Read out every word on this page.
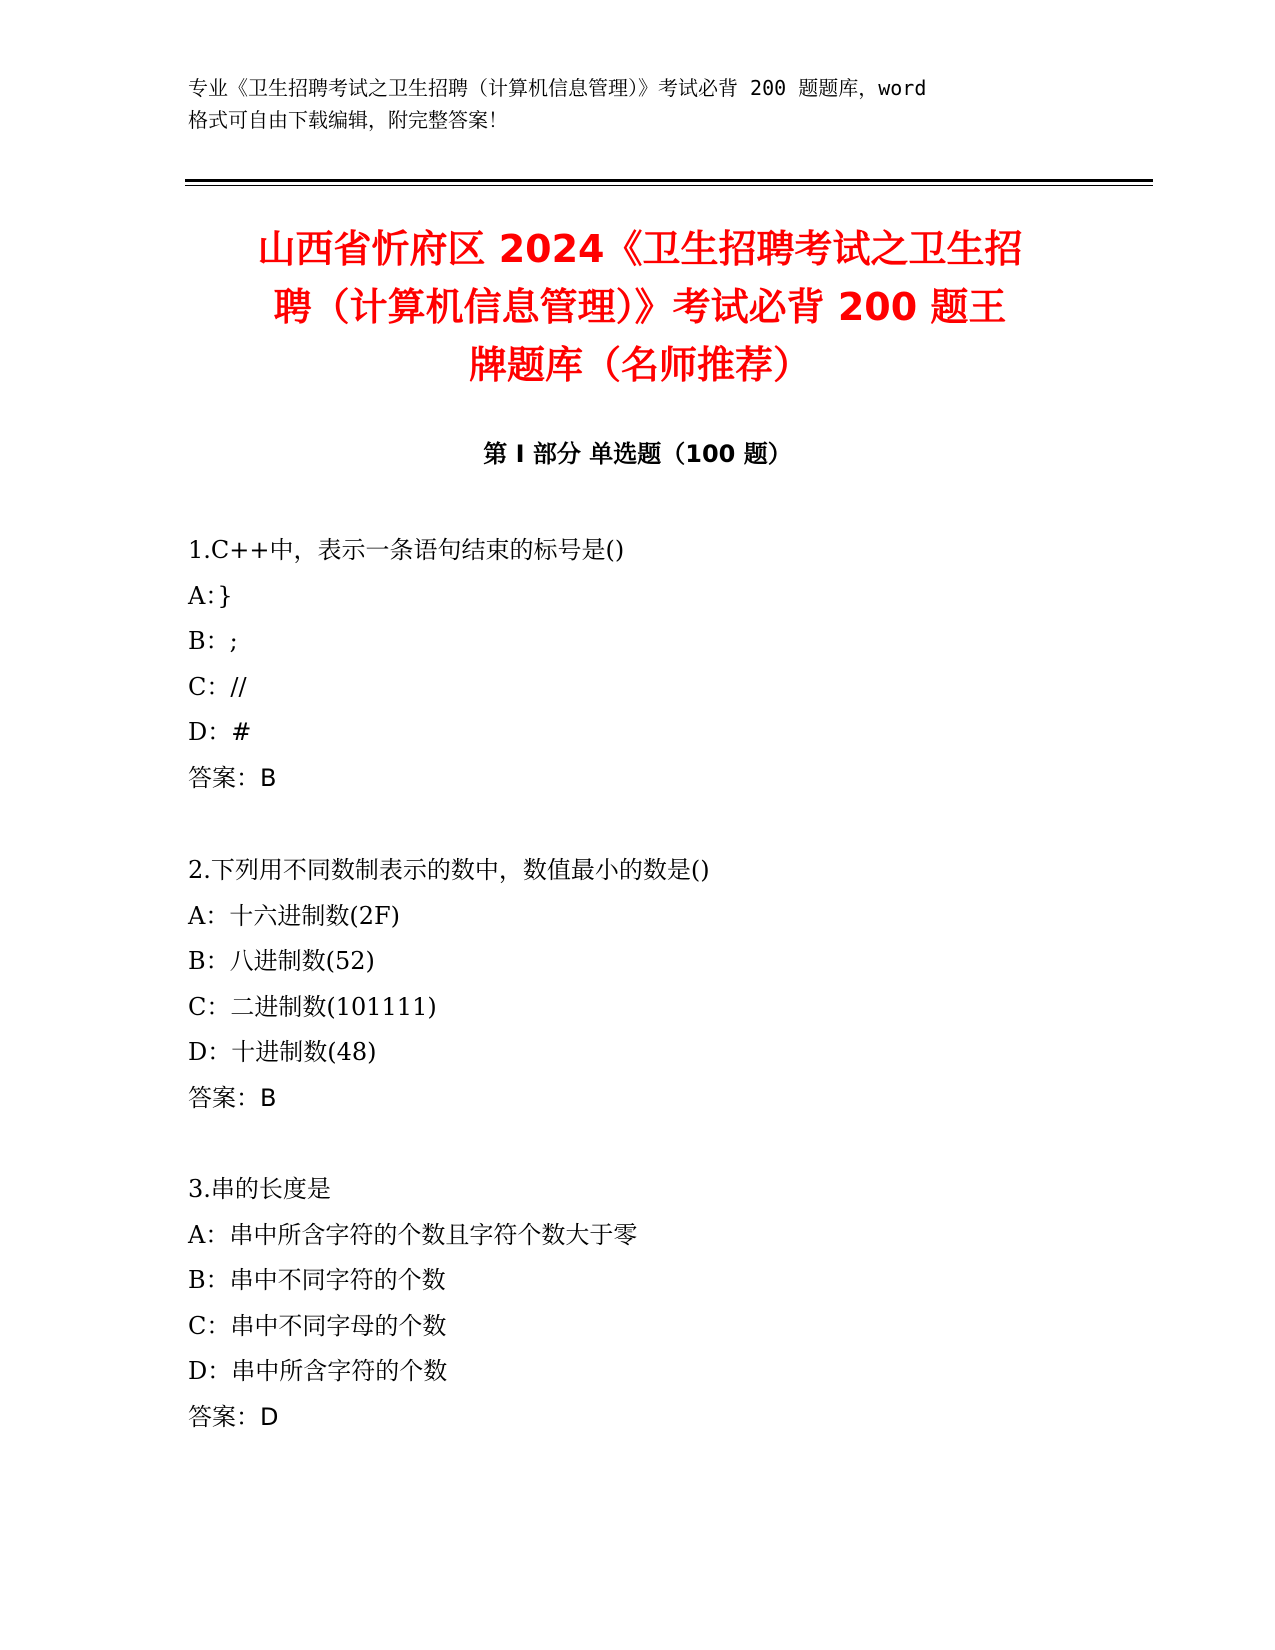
专业《卫生招聘考试之卫生招聘（计算机信息管理）》考试必背 200 题题库，word
格式可自由下载编辑，附完整答案！
山西省忻府区 2024《卫生招聘考试之卫生招
聘（计算机信息管理）》考试必背 200 题王
牌题库（名师推荐）
第 I 部分 单选题（100 题）
1.C++中，表示一条语句结束的标号是()
A：}
B：;
C：//
D：#
答案：B
2.下列用不同数制表示的数中，数值最小的数是()
A：十六进制数(2F)
B：八进制数(52)
C：二进制数(101111)
D：十进制数(48)
答案：B
3.串的长度是
A：串中所含字符的个数且字符个数大于零
B：串中不同字符的个数
C：串中不同字母的个数
D：串中所含字符的个数
答案：D
